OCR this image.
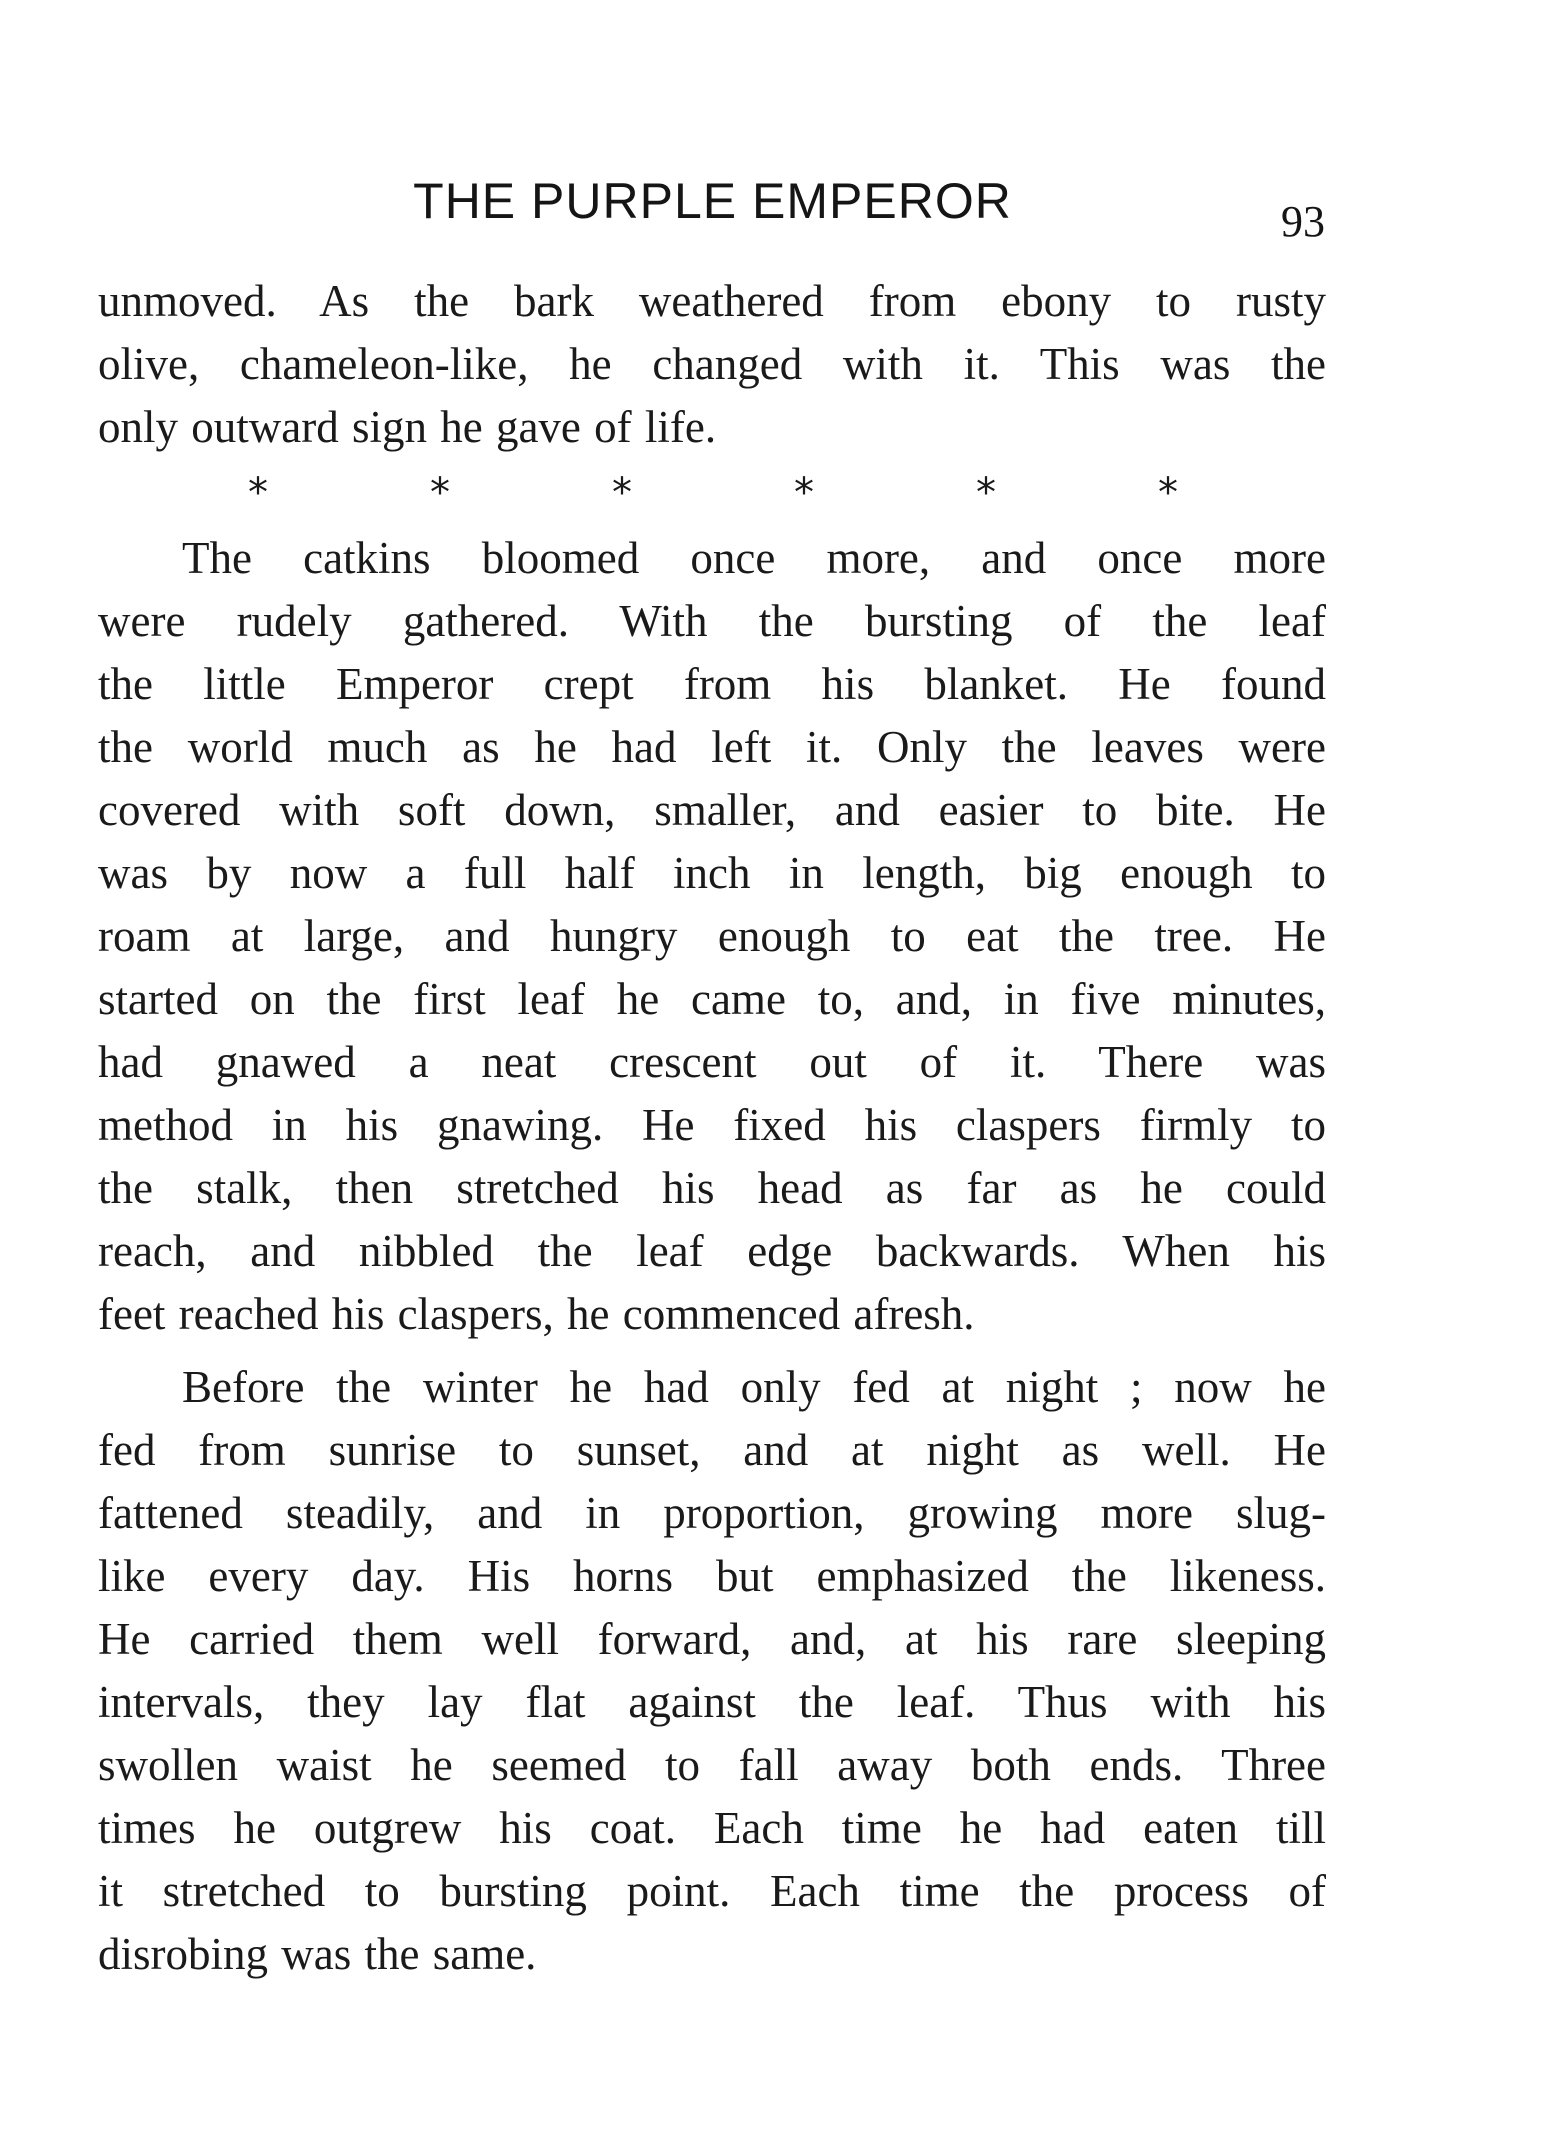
THE PURPLE EMPEROR	93
unmoved. As the bark weathered from ebony to rusty
olive, chameleon-like, he changed with it. This was the
only outward sign he gave of life.
*	*	*	*	*	*
The catkins bloomed once more, and once more
were rudely gathered. With the bursting of the leaf
the little Emperor crept from his blanket. He found
the world much as he had left it. Only the leaves were
covered with soft down, smaller, and easier to bite. He
was by now a full half inch in length, big enough to
roam at large, and hungry enough to eat the tree. He
started on the first leaf he came to, and, in five minutes,
had gnawed a neat crescent out of it. There was
method in his gnawing. He fixed his claspers firmly to
the stalk, then stretched his head as far as he could
reach, and nibbled the leaf edge backwards. When his
feet reached his claspers, he commenced afresh.
Before the winter he had only fed at night ; now he
fed from sunrise to sunset, and at night as well. He
fattened steadily, and in proportion, growing more slug-
like every day. His horns but emphasized the likeness.
He carried them well forward, and, at his rare sleeping
intervals, they lay flat against the leaf. Thus with his
swollen waist he seemed to fall away both ends. Three
times he outgrew his coat. Each time he had eaten till
it stretched to bursting point. Each time the process of
disrobing was the same.
